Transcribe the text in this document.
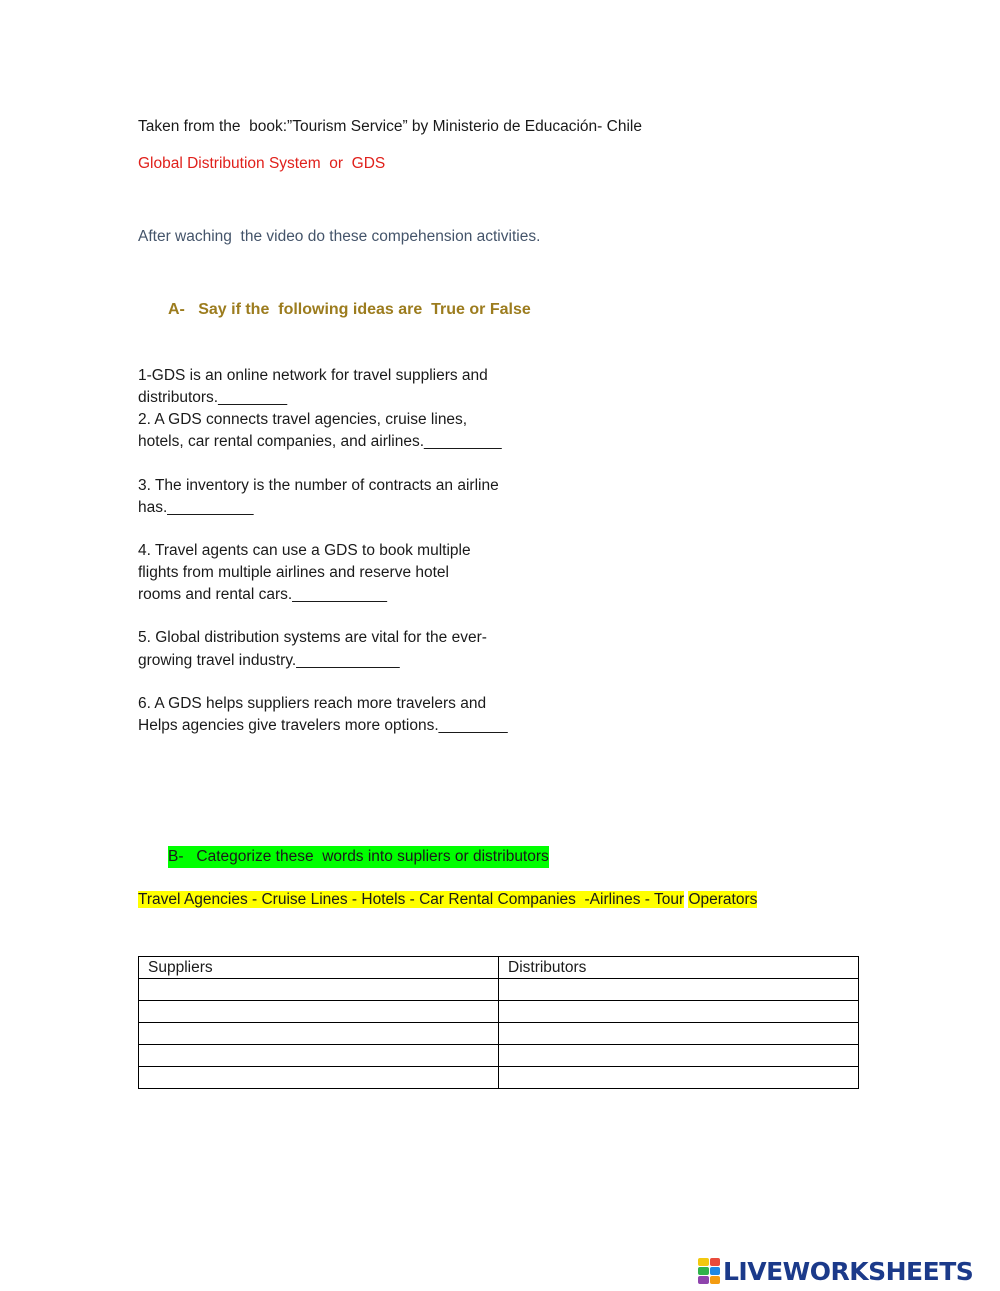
Taken from the  book:”Tourism Service” by Ministerio de Educación- Chile
Global Distribution System  or  GDS
After waching  the video do these compehension activities.
A-   Say if the  following ideas are  True or False
1-GDS is an online network for travel suppliers and
distributors.________
2. A GDS connects travel agencies, cruise lines,
hotels, car rental companies, and airlines._________
3. The inventory is the number of contracts an airline
has.__________
4. Travel agents can use a GDS to book multiple
flights from multiple airlines and reserve hotel
rooms and rental cars.___________
5. Global distribution systems are vital for the ever-
growing travel industry.____________
6. A GDS helps suppliers reach more travelers and
Helps agencies give travelers more options.________
B-   Categorize these  words into supliers or distributors
Travel Agencies - Cruise Lines - Hotels - Car Rental Companies  -Airlines - Tour Operators
Suppliers	Distributors

LIVEWORKSHEETS
